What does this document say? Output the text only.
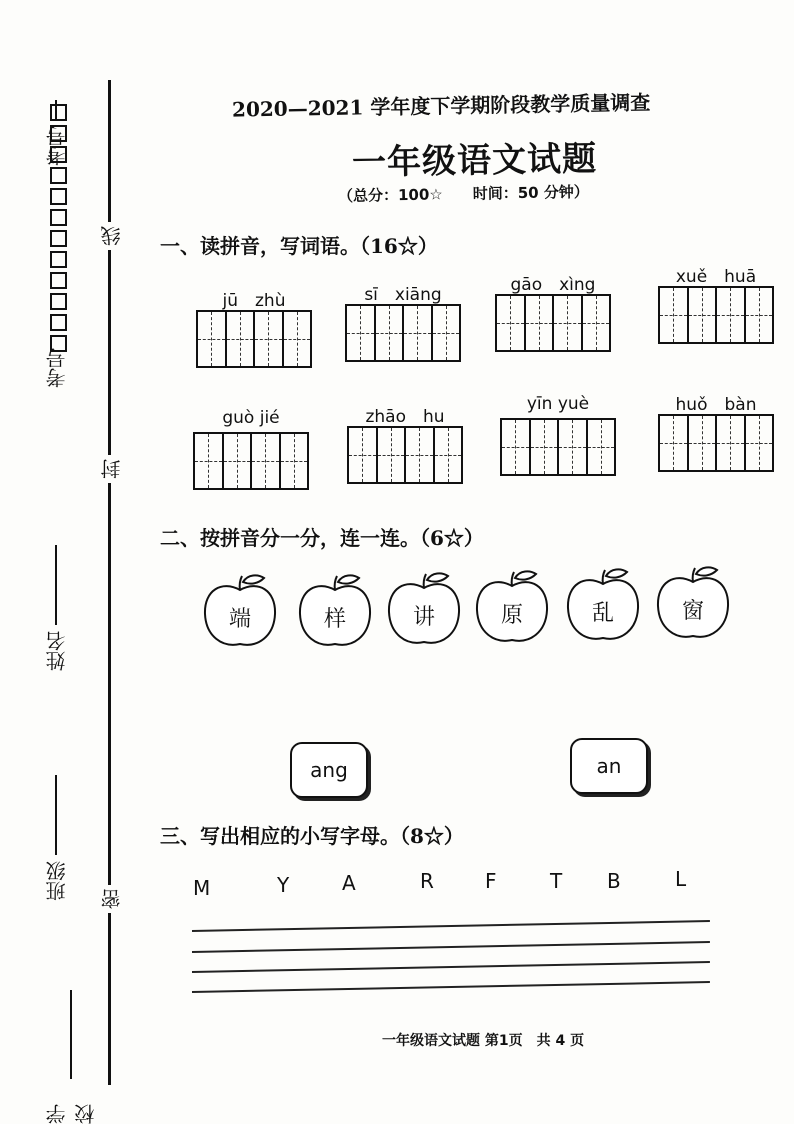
线
封
密
考号
考号
姓名
班级
学校
2020—2021 学年度下学期阶段教学质量调查
一年级语文试题
（总分：100☆　　时间：50 分钟）
一、读拼音，写词语。（16☆）
jū　zhù	sī　xiāng	gāo　xìng	xuě　huā
guò jié	zhāo　hu
yīn yuè	huǒ　bàn
二、按拼音分一分，连一连。（6☆）
端	样	讲	原	乱	窗
ang	an
三、写出相应的小写字母。（8☆）
M	Y	A	R	F	T B	L
一年级语文试题 第1页　共 4 页
